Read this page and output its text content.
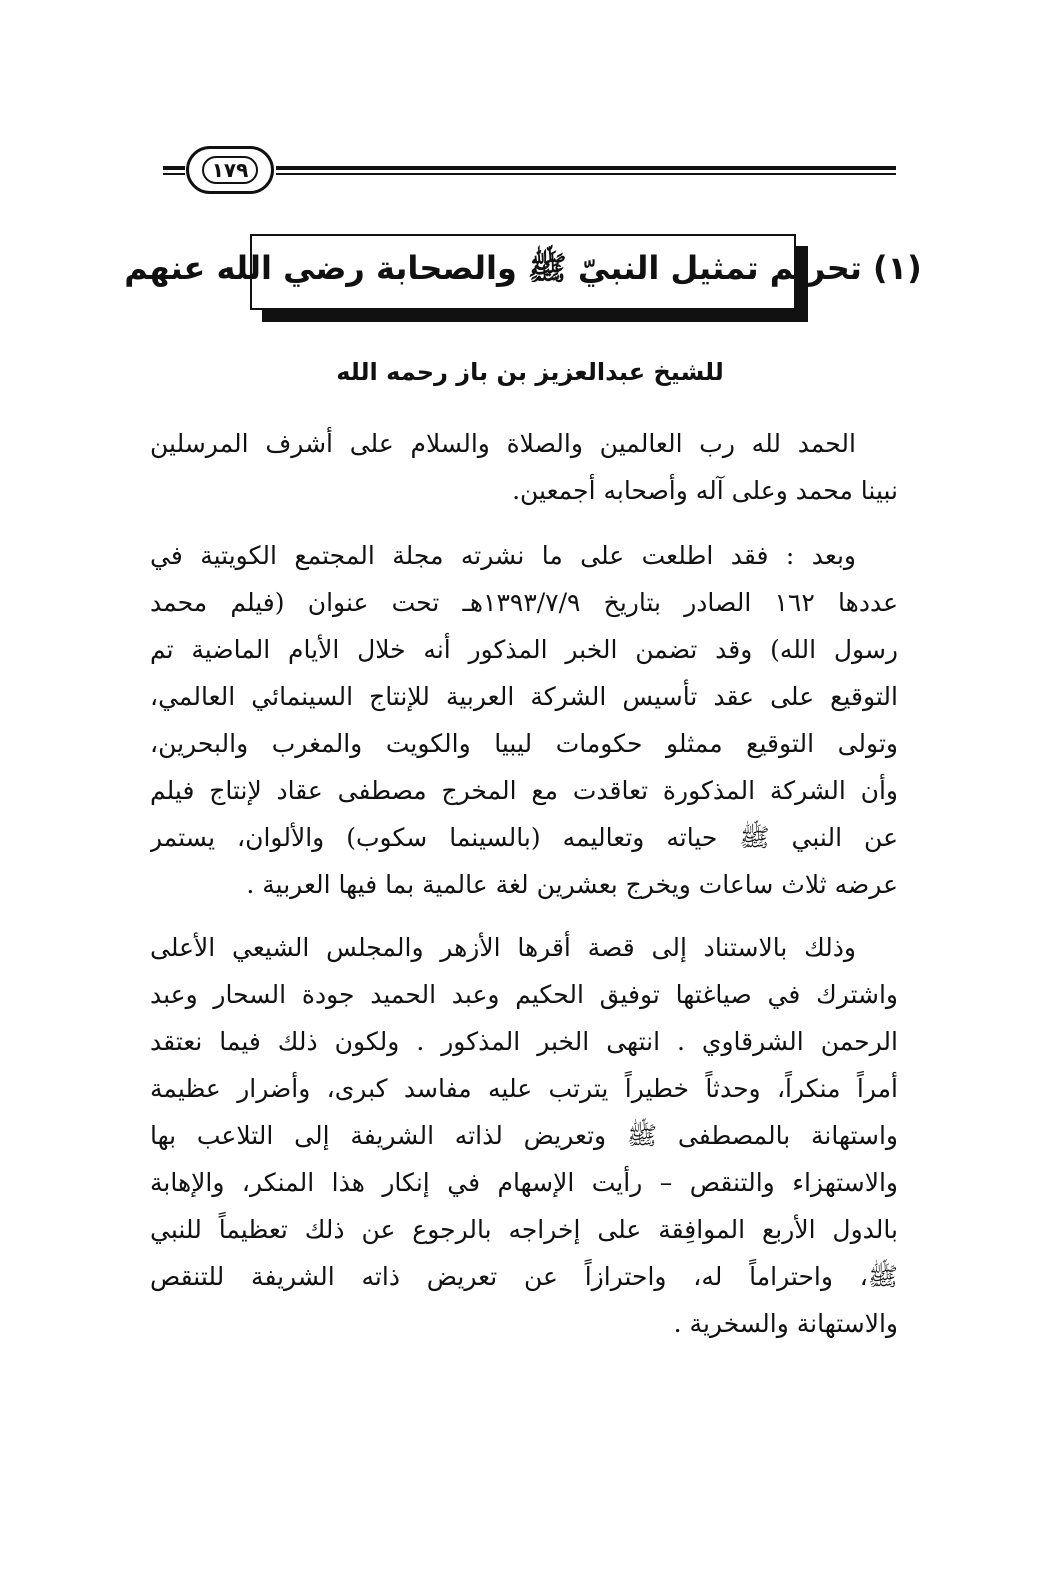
١٧٩
(١) تحريم تمثيل النبيّ ﷺ والصحابة رضي الله عنهم
للشيخ عبدالعزيز بن باز رحمه الله
الحمد لله رب العالمين والصلاة والسلام على أشرف المرسلين
نبينا محمد وعلى آله وأصحابه أجمعين.
وبعد : فقد اطلعت على ما نشرته مجلة المجتمع الكويتية في
عددها ١٦٢ الصادر بتاريخ ١٣٩٣/٧/٩هـ تحت عنوان (فيلم محمد
رسول الله) وقد تضمن الخبر المذكور أنه خلال الأيام الماضية تم
التوقيع على عقد تأسيس الشركة العربية للإنتاج السينمائي العالمي،
وتولى التوقيع ممثلو حكومات ليبيا والكويت والمغرب والبحرين،
وأن الشركة المذكورة تعاقدت مع المخرج مصطفى عقاد لإنتاج فيلم
عن النبي ﷺ حياته وتعاليمه (بالسينما سكوب) والألوان، يستمر
عرضه ثلاث ساعات ويخرج بعشرين لغة عالمية بما فيها العربية .
وذلك بالاستناد إلى قصة أقرها الأزهر والمجلس الشيعي الأعلى
واشترك في صياغتها توفيق الحكيم وعبد الحميد جودة السحار وعبد
الرحمن الشرقاوي . انتهى الخبر المذكور . ولكون ذلك فيما نعتقد
أمراً منكراً، وحدثاً خطيراً يترتب عليه مفاسد كبرى، وأضرار عظيمة
واستهانة بالمصطفى ﷺ وتعريض لذاته الشريفة إلى التلاعب بها
والاستهزاء والتنقص – رأيت الإسهام في إنكار هذا المنكر، والإهابة
بالدول الأربع الموافِقة على إخراجه بالرجوع عن ذلك تعظيماً للنبي
ﷺ، واحتراماً له، واحترازاً عن تعريض ذاته الشريفة للتنقص
والاستهانة والسخرية .
